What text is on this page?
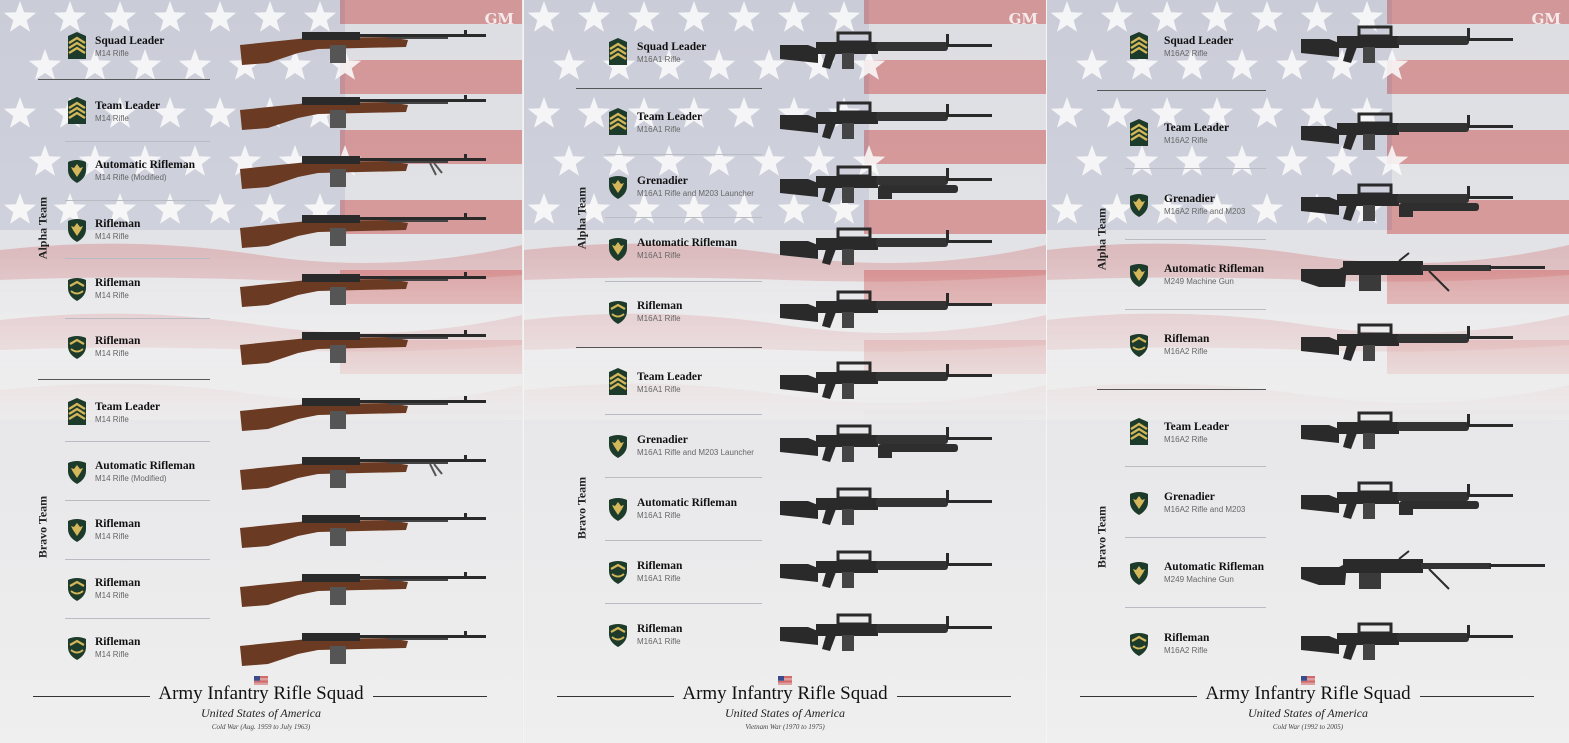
GM
Alpha Team
Bravo Team
Squad Leader
M14 Rifle
Team Leader
M14 Rifle
Automatic Rifleman
M14 Rifle (Modified)
Rifleman
M14 Rifle
Rifleman
M14 Rifle
Rifleman
M14 Rifle
Team Leader
M14 Rifle
Automatic Rifleman
M14 Rifle (Modified)
Rifleman
M14 Rifle
Rifleman
M14 Rifle
Rifleman
M14 Rifle
Army Infantry Rifle Squad
United States of America
Cold War (Aug. 1959 to July 1963)
GM
Alpha Team
Bravo Team
Squad Leader
M16A1 Rifle
Team Leader
M16A1 Rifle
Grenadier
M16A1 Rifle and M203 Launcher
Automatic Rifleman
M16A1 Rifle
Rifleman
M16A1 Rifle
Team Leader
M16A1 Rifle
Grenadier
M16A1 Rifle and M203 Launcher
Automatic Rifleman
M16A1 Rifle
Rifleman
M16A1 Rifle
Rifleman
M16A1 Rifle
Army Infantry Rifle Squad
United States of America
Vietnam War (1970 to 1975)
GM
Alpha Team
Bravo Team
Squad Leader
M16A2 Rifle
Team Leader
M16A2 Rifle
Grenadier
M16A2 Rifle and M203
Automatic Rifleman
M249 Machine Gun
Rifleman
M16A2 Rifle
Team Leader
M16A2 Rifle
Grenadier
M16A2 Rifle and M203
Automatic Rifleman
M249 Machine Gun
Rifleman
M16A2 Rifle
Army Infantry Rifle Squad
United States of America
Cold War (1992 to 2005)
